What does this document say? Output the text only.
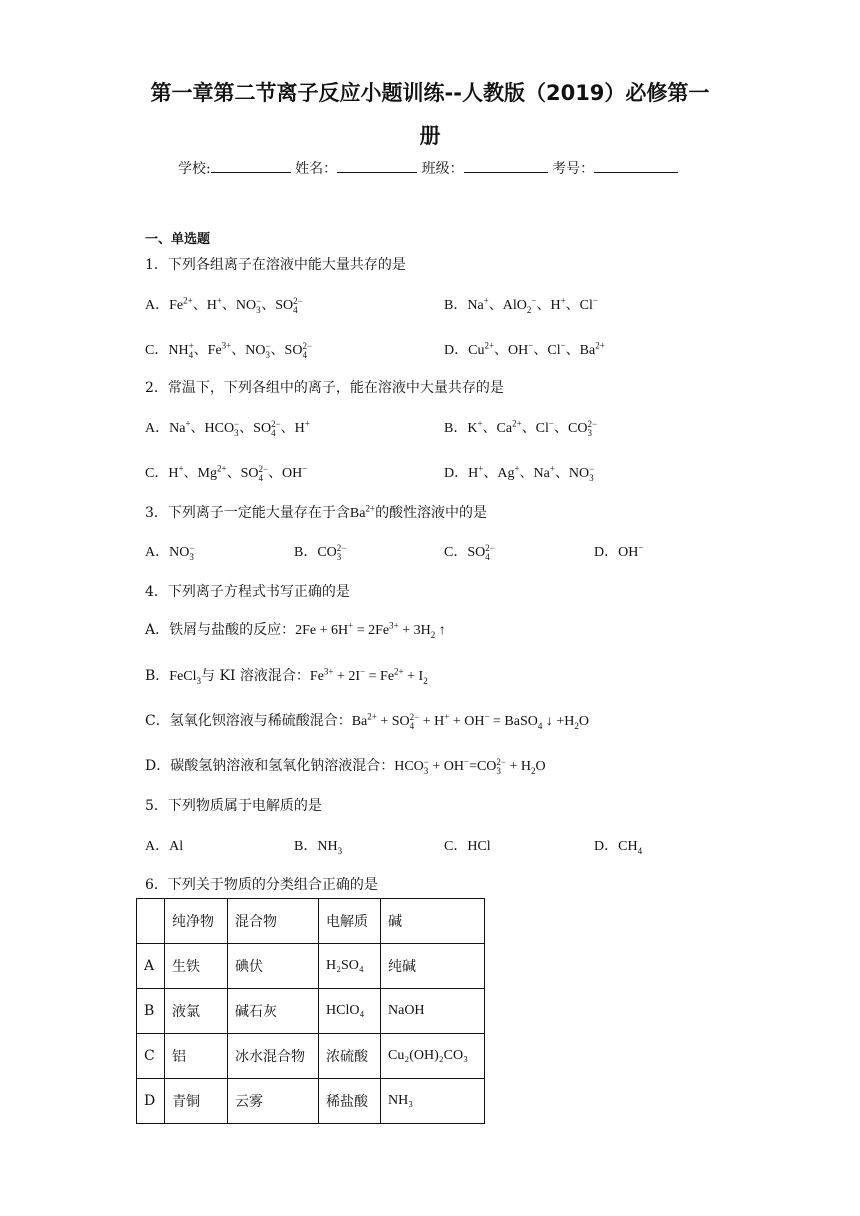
第一章第二节离子反应小题训练--人教版（2019）必修第一
册
学校:	姓名：	班级：	考号：
一、单选题
1．下列各组离子在溶液中能大量共存的是
A．$Fe^{2+}$、H+、NO −
3 、SO 2−
4	B．Na+、AlO$_2$−、H+、Cl−
C．NH +
4 、$Fe^{3+}$、NO −
3 、SO 2−
4	D．$Cu^{2+}$、OH−、Cl−、$Ba^{2+}$
2．常温下，下列各组中的离子，能在溶液中大量共存的是
A．Na+、HCO −
3 、SO 2−
4 、H+	B．K+、$Ca^{2+}$、Cl−、CO 2−
3
C．H+、$Mg^{2+}$、SO 2−
4 、OH−	D．H+、Ag+、Na+、NO −
3
3．下列离子一定能大量存在于含$Ba^{2+}$的酸性溶液中的是
A．NO −
3	B．CO 2−
3	C．SO 2−
4	D．OH−
4．下列离子方程式书写正确的是
A．铁屑与盐酸的反应：$2Fe + 6H^+ = 2Fe^{3+} + 3H_2$ ↑
B．FeCl$_3$与 KI 溶液混合：$Fe^{3+} + 2I^- = Fe^{2+} + I_2$
C．氢氧化钡溶液与稀硫酸混合：$Ba^{2+}$ + SO 2−
4 + H+ + OH− = BaSO$_4$ ↓ $+H_2O$
D．碳酸氢钠溶液和氢氧化钠溶液混合：HCO −
3 + OH−=CO 2−
$3 + H_2O$
5．下列物质属于电解质的是
A．Al	B．$NH_3$	C．HCl	D．$CH_4$
6．下列关于物质的分类组合正确的是
	纯净物	混合物	电解质	碱
A	生铁	碘伏	H₂SO₄	纯碱
B	液氯	碱石灰	HClO₄	NaOH
C	铝	冰水混合物	浓硫酸	Cu₂(OH)₂CO₃
D	青铜	云雾	稀盐酸	NH₃
